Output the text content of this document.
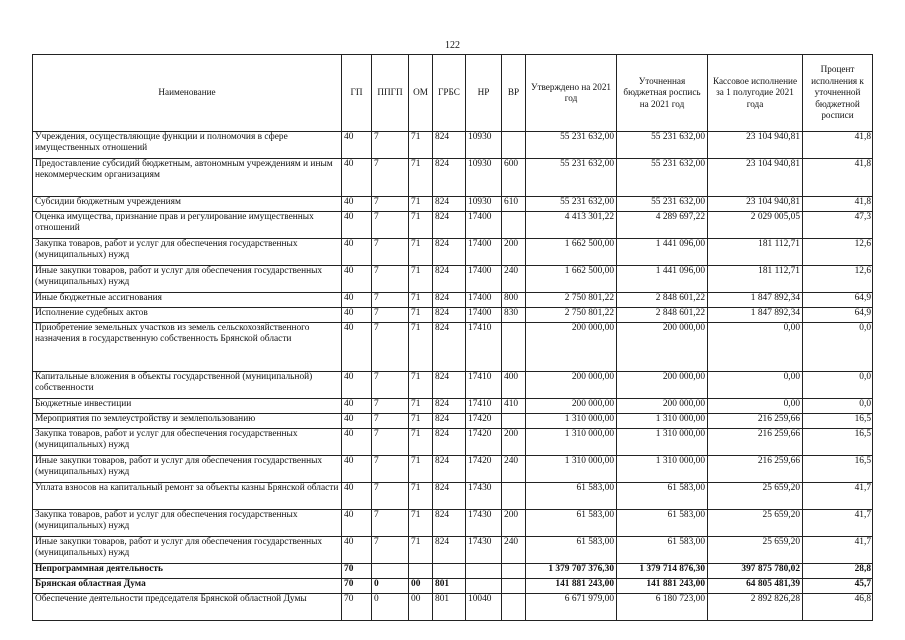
122
Наименование	ГП	ППГП	ОМ	ГРБС	НР	ВР	Утверждено на 2021 год	Уточненная бюджетная роспись на 2021 год	Кассовое исполнение за 1 полугодие 2021 года	Процент исполнения к уточненной бюджетной росписи
Учреждения, осуществляющие функции и полномочия в сфере имущественных отношений	40	7	71	824	10930		55 231 632,00	55 231 632,00	23 104 940,81	41,8
Предоставление субсидий бюджетным, автономным учреждениям и иным некоммерческим организациям	40	7	71	824	10930	600	55 231 632,00	55 231 632,00	23 104 940,81	41,8
Субсидии бюджетным учреждениям	40	7	71	824	10930	610	55 231 632,00	55 231 632,00	23 104 940,81	41,8
Оценка имущества, признание прав и регулирование имущественных отношений	40	7	71	824	17400		4 413 301,22	4 289 697,22	2 029 005,05	47,3
Закупка товаров, работ и услуг для обеспечения государственных (муниципальных) нужд	40	7	71	824	17400	200	1 662 500,00	1 441 096,00	181 112,71	12,6
Иные закупки товаров, работ и услуг для обеспечения государственных (муниципальных) нужд	40	7	71	824	17400	240	1 662 500,00	1 441 096,00	181 112,71	12,6
Иные бюджетные ассигнования	40	7	71	824	17400	800	2 750 801,22	2 848 601,22	1 847 892,34	64,9
Исполнение судебных актов	40	7	71	824	17400	830	2 750 801,22	2 848 601,22	1 847 892,34	64,9
Приобретение земельных участков из земель сельскохозяйственного назначения в государственную собственность Брянской области	40	7	71	824	17410		200 000,00	200 000,00	0,00	0,0
Капитальные вложения в объекты государственной (муниципальной) собственности	40	7	71	824	17410	400	200 000,00	200 000,00	0,00	0,0
Бюджетные инвестиции	40	7	71	824	17410	410	200 000,00	200 000,00	0,00	0,0
Мероприятия по землеустройству и землепользованию	40	7	71	824	17420		1 310 000,00	1 310 000,00	216 259,66	16,5
Закупка товаров, работ и услуг для обеспечения государственных (муниципальных) нужд	40	7	71	824	17420	200	1 310 000,00	1 310 000,00	216 259,66	16,5
Иные закупки товаров, работ и услуг для обеспечения государственных (муниципальных) нужд	40	7	71	824	17420	240	1 310 000,00	1 310 000,00	216 259,66	16,5
Уплата взносов на капитальный ремонт за объекты казны Брянской области	40	7	71	824	17430		61 583,00	61 583,00	25 659,20	41,7
Закупка товаров, работ и услуг для обеспечения государственных (муниципальных) нужд	40	7	71	824	17430	200	61 583,00	61 583,00	25 659,20	41,7
Иные закупки товаров, работ и услуг для обеспечения государственных (муниципальных) нужд	40	7	71	824	17430	240	61 583,00	61 583,00	25 659,20	41,7
Непрограммная деятельность	70						1 379 707 376,30	1 379 714 876,30	397 875 780,02	28,8
Брянская областная Дума	70	0	00	801			141 881 243,00	141 881 243,00	64 805 481,39	45,7
Обеспечение деятельности председателя Брянской областной Думы	70	0	00	801	10040		6 671 979,00	6 180 723,00	2 892 826,28	46,8
